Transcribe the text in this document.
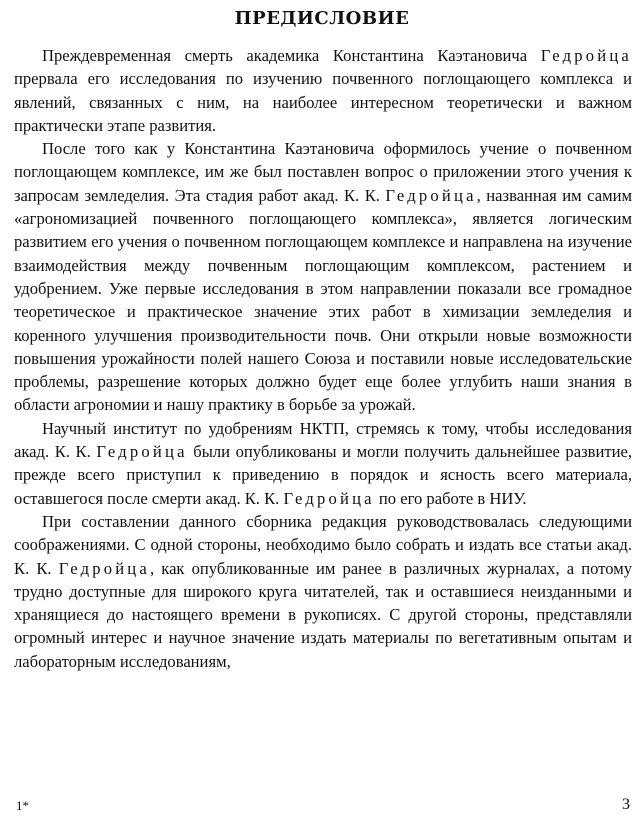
ПРЕДИСЛОВИЕ

Преждевременная смерть академика Константина Каэтановича Гедройца прервала его исследования по изучению почвенного поглощающего комплекса и явлений, связанных с ним, на наиболее интересном теоретически и важном практически этапе развития.

После того как у Константина Каэтановича оформилось учение о почвенном поглощающем комплексе, им же был поставлен вопрос о приложении этого учения к запросам земледелия. Эта стадия работ акад. К. К. Гедройца, названная им самим «агрономизацией почвенного поглощающего комплекса», является логическим развитием его учения о почвенном поглощающем комплексе и направлена на изучение взаимодействия между почвенным поглощающим комплексом, растением и удобрением. Уже первые исследования в этом направлении показали все громадное теоретическое и практическое значение этих работ в химизации земледелия и коренного улучшения производительности почв. Они открыли новые возможности повышения урожайности полей нашего Союза и поставили новые исследовательские проблемы, разрешение которых должно будет еще более углубить наши знания в области агрономии и нашу практику в борьбе за урожай.

Научный институт по удобрениям НКТП, стремясь к тому, чтобы исследования акад. К. К. Гедройца были опубликованы и могли получить дальнейшее развитие, прежде всего приступил к приведению в порядок и ясность всего материала, оставшегося после смерти акад. К. К. Гедройца по его работе в НИУ.

При составлении данного сборника редакция руководствовалась следующими соображениями. С одной стороны, необходимо было собрать и издать все статьи акад. К. К. Гедройца, как опубликованные им ранее в различных журналах, а потому трудно доступные для широкого круга читателей, так и оставшиеся неизданными и хранящиеся до настоящего времени в рукописях. С другой стороны, представляли огромный интерес и научное значение издать материалы по вегетативным опытам и лабораторным исследованиям,

1*	3
